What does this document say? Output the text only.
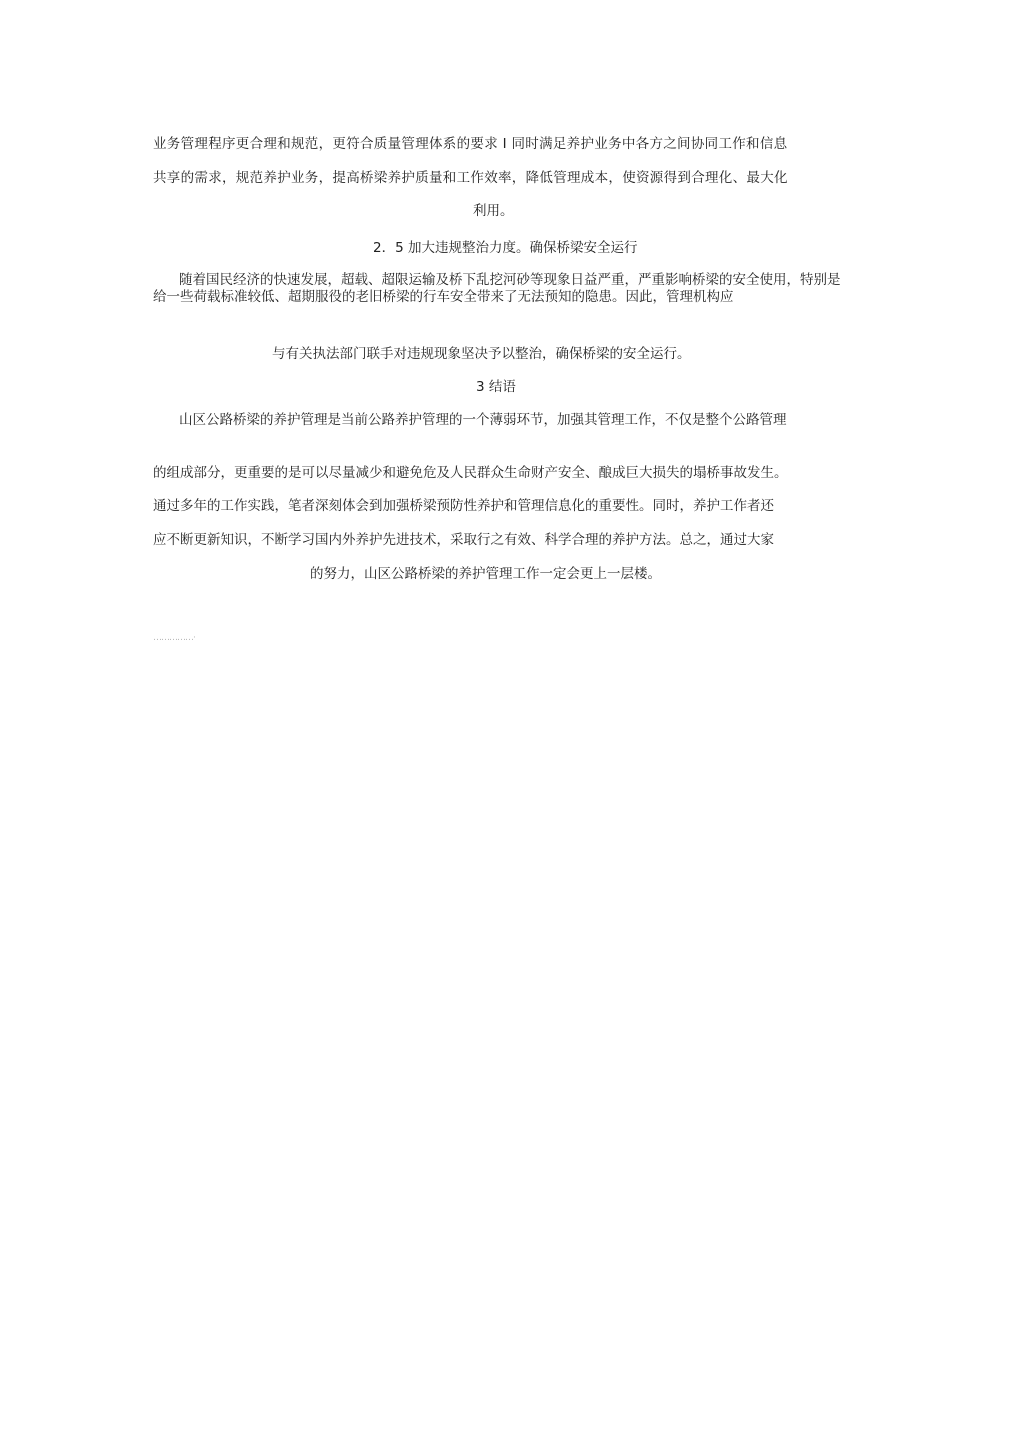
业务管理程序更合理和规范，更符合质量管理体系的要求 I 同时满足养护业务中各方之间协同工作和信息
共享的需求，规范养护业务，提高桥梁养护质量和工作效率，降低管理成本，使资源得到合理化、最大化
利用。
2．5 加大违规整治力度。确保桥梁安全运行
随着国民经济的快速发展，超载、超限运输及桥下乱挖河砂等现象日益严重，严重影响桥梁的安全使用，特别是给一些荷载标准较低、超期服役的老旧桥梁的行车安全带来了无法预知的隐患。因此，管理机构应
与有关执法部门联手对违规现象坚决予以整治，确保桥梁的安全运行。
3 结语
山区公路桥梁的养护管理是当前公路养护管理的一个薄弱环节，加强其管理工作，不仅是整个公路管理
的组成部分，更重要的是可以尽量减少和避免危及人民群众生命财产安全、酿成巨大损失的塌桥事故发生。
通过多年的工作实践，笔者深刻体会到加强桥梁预防性养护和管理信息化的重要性。同时，养护工作者还
应不断更新知识，不断学习国内外养护先进技术，采取行之有效、科学合理的养护方法。总之，通过大家
的努力，山区公路桥梁的养护管理工作一定会更上一层楼。
……………·
